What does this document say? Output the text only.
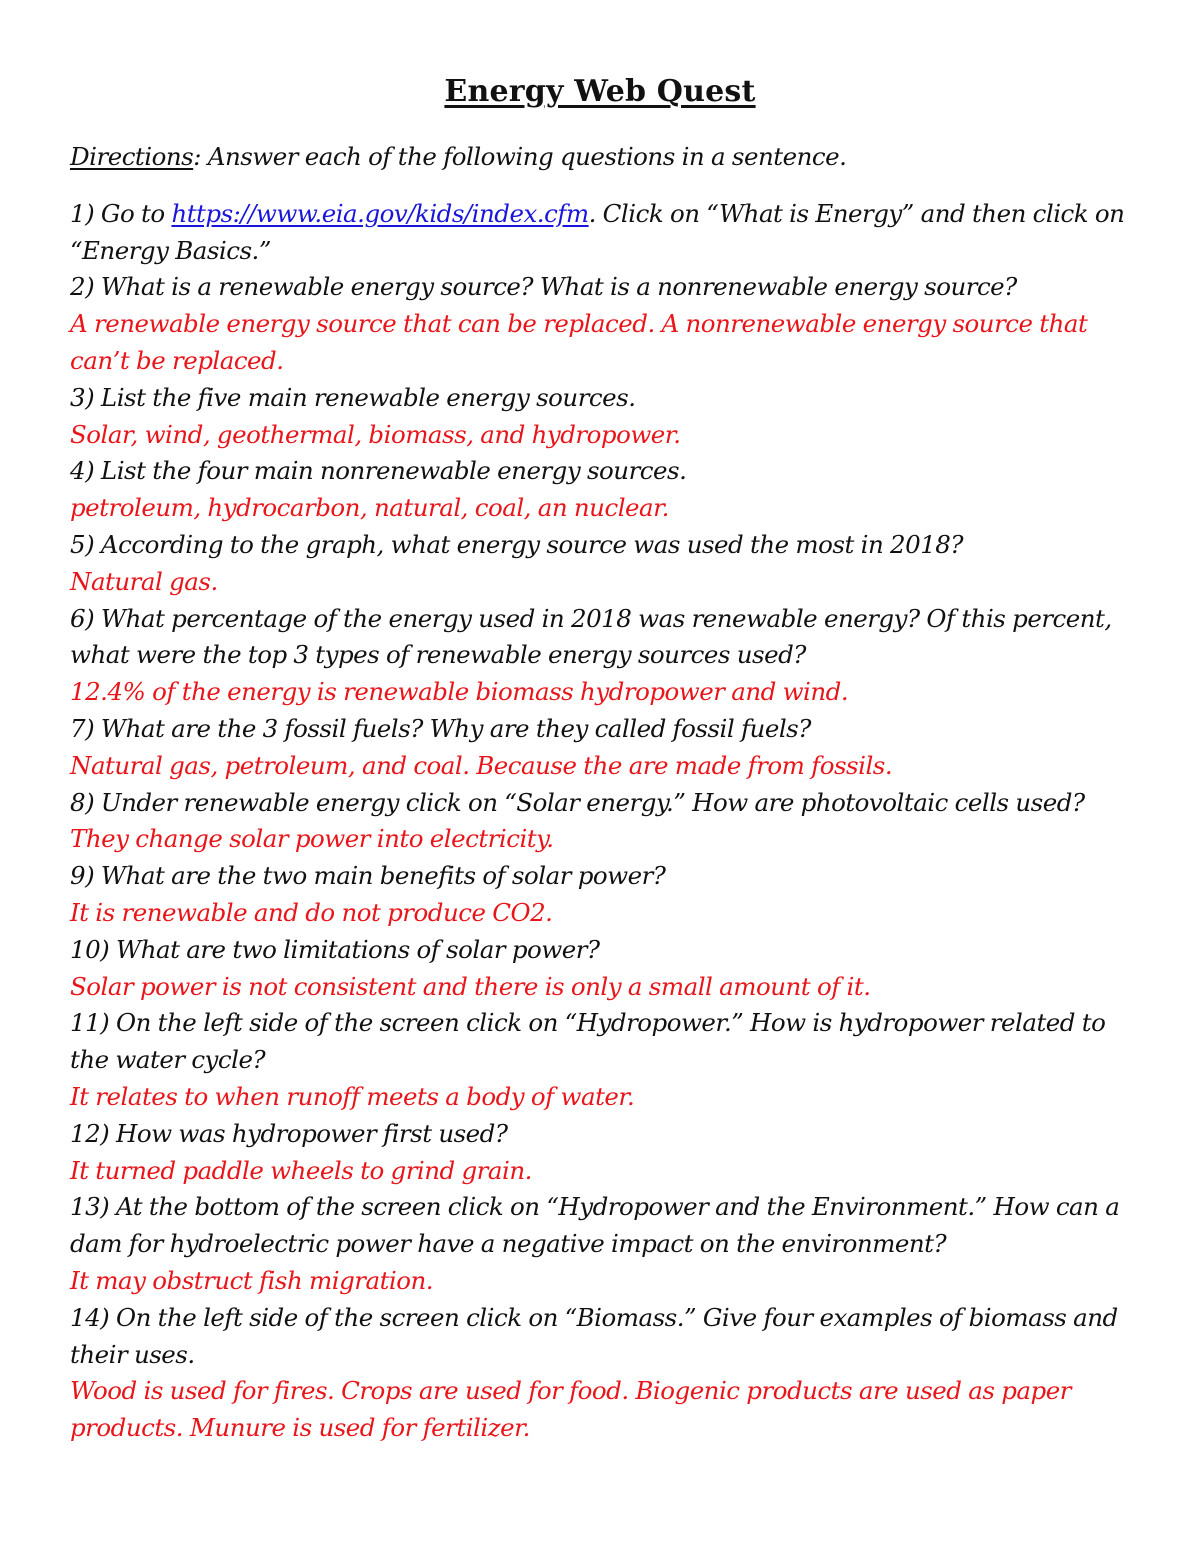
Energy Web Quest

Directions: Answer each of the following questions in a sentence.

1) Go to https://www.eia.gov/kids/index.cfm. Click on “What is Energy” and then click on “Energy Basics.”

2) What is a renewable energy source? What is a nonrenewable energy source?

A renewable energy source that can be replaced. A nonrenewable energy source that can’t be replaced.

3) List the five main renewable energy sources.

Solar, wind, geothermal, biomass, and hydropower.

4) List the four main nonrenewable energy sources.

petroleum, hydrocarbon, natural, coal, an nuclear.

5) According to the graph, what energy source was used the most in 2018?

Natural gas.

6) What percentage of the energy used in 2018 was renewable energy? Of this percent, what were the top 3 types of renewable energy sources used?

12.4% of the energy is renewable biomass hydropower and wind.

7) What are the 3 fossil fuels? Why are they called fossil fuels?

Natural gas, petroleum, and coal. Because the are made from fossils.

8) Under renewable energy click on “Solar energy.” How are photovoltaic cells used?

They change solar power into electricity.

9) What are the two main benefits of solar power?

It is renewable and do not produce CO2.

10) What are two limitations of solar power?

Solar power is not consistent and there is only a small amount of it.

11) On the left side of the screen click on “Hydropower.” How is hydropower related to the water cycle?

It relates to when runoff meets a body of water.

12) How was hydropower first used?

It turned paddle wheels to grind grain.

13) At the bottom of the screen click on “Hydropower and the Environment.” How can a dam for hydroelectric power have a negative impact on the environment?

It may obstruct fish migration.

14) On the left side of the screen click on “Biomass.” Give four examples of biomass and their uses.

Wood is used for fires. Crops are used for food. Biogenic products are used as paper products. Munure is used for fertilizer.
